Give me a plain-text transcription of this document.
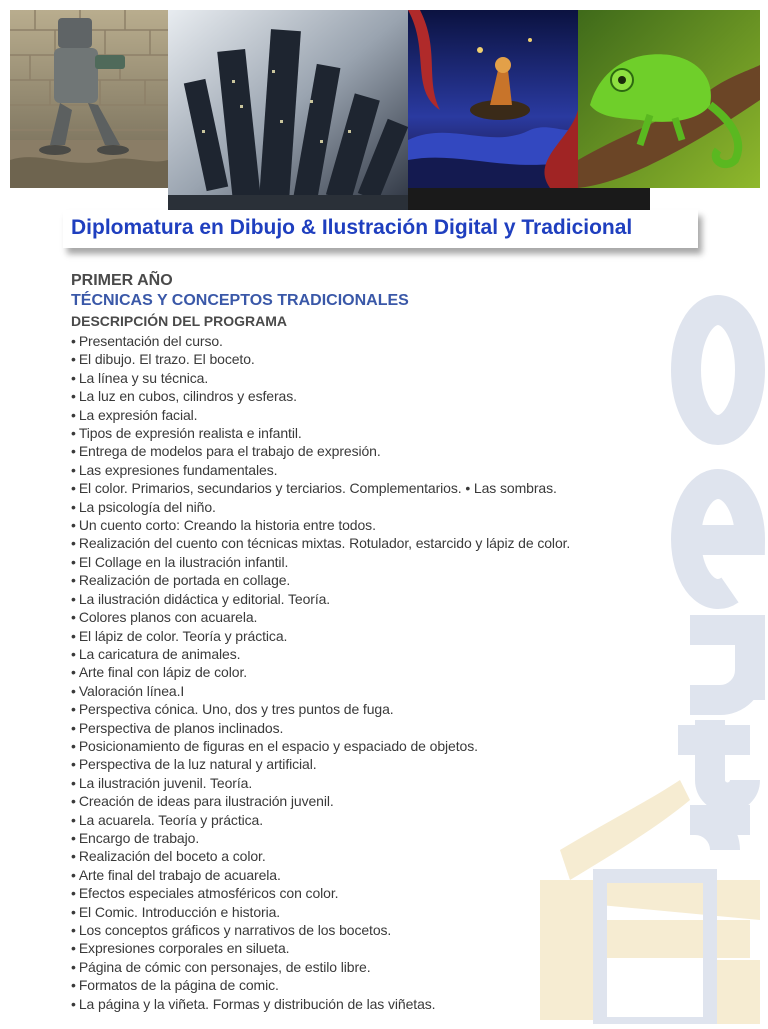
Diplomatura en Dibujo & Ilustración Digital y Tradicional
PRIMER AÑO
TÉCNICAS Y CONCEPTOS TRADICIONALES
DESCRIPCIÓN DEL PROGRAMA
• Presentación del curso.
• El dibujo. El trazo. El boceto.
• La línea y su técnica.
• La luz en cubos, cilindros y esferas.
• La expresión facial.
• Tipos de expresión realista e infantil.
• Entrega de modelos para el trabajo de expresión.
• Las expresiones fundamentales.
• El color. Primarios, secundarios y terciarios. Complementarios. • Las sombras.
• La psicología del niño.
• Un cuento corto: Creando la historia entre todos.
• Realización del cuento con técnicas mixtas. Rotulador, estarcido y lápiz de color.
• El Collage en la ilustración infantil.
• Realización de portada en collage.
• La ilustración didáctica y editorial. Teoría.
• Colores planos con acuarela.
• El lápiz de color. Teoría y práctica.
• La caricatura de animales.
• Arte final con lápiz de color.
• Valoración línea.I
• Perspectiva cónica. Uno, dos y tres puntos de fuga.
• Perspectiva de planos inclinados.
• Posicionamiento de figuras en el espacio y espaciado de objetos.
• Perspectiva de la luz natural y artificial.
• La ilustración juvenil. Teoría.
• Creación de ideas para ilustración juvenil.
• La acuarela. Teoría y práctica.
• Encargo de trabajo.
• Realización del boceto a color.
• Arte final del trabajo de acuarela.
• Efectos especiales atmosféricos con color.
• El Comic. Introducción e historia.
• Los conceptos gráficos y narrativos de los bocetos.
• Expresiones corporales en silueta.
• Página de cómic con personajes, de estilo libre.
• Formatos de la página de comic.
• La página y la viñeta. Formas y distribución de las viñetas.
